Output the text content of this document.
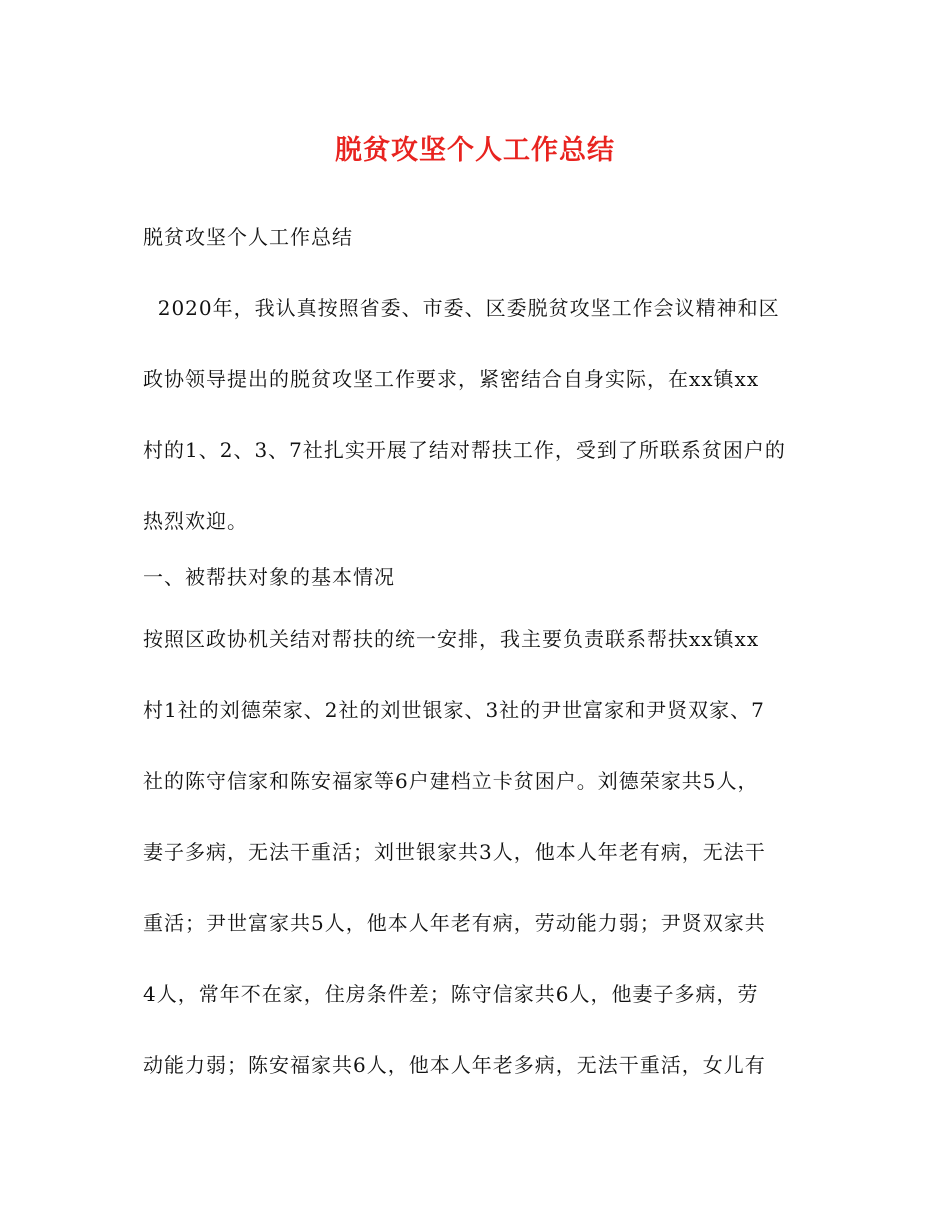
脱贫攻坚个人工作总结
脱贫攻坚个人工作总结
2020年，我认真按照省委、市委、区委脱贫攻坚工作会议精神和区
政协领导提出的脱贫攻坚工作要求，紧密结合自身实际，在xx镇xx
村的1、2、3、7社扎实开展了结对帮扶工作，受到了所联系贫困户的
热烈欢迎。
一、被帮扶对象的基本情况
按照区政协机关结对帮扶的统一安排，我主要负责联系帮扶xx镇xx
村1社的刘德荣家、2社的刘世银家、3社的尹世富家和尹贤双家、7
社的陈守信家和陈安福家等6户建档立卡贫困户。刘德荣家共5人，
妻子多病，无法干重活；刘世银家共3人，他本人年老有病，无法干
重活；尹世富家共5人，他本人年老有病，劳动能力弱；尹贤双家共
4人，常年不在家，住房条件差；陈守信家共6人，他妻子多病，劳
动能力弱；陈安福家共6人，他本人年老多病，无法干重活，女儿有
